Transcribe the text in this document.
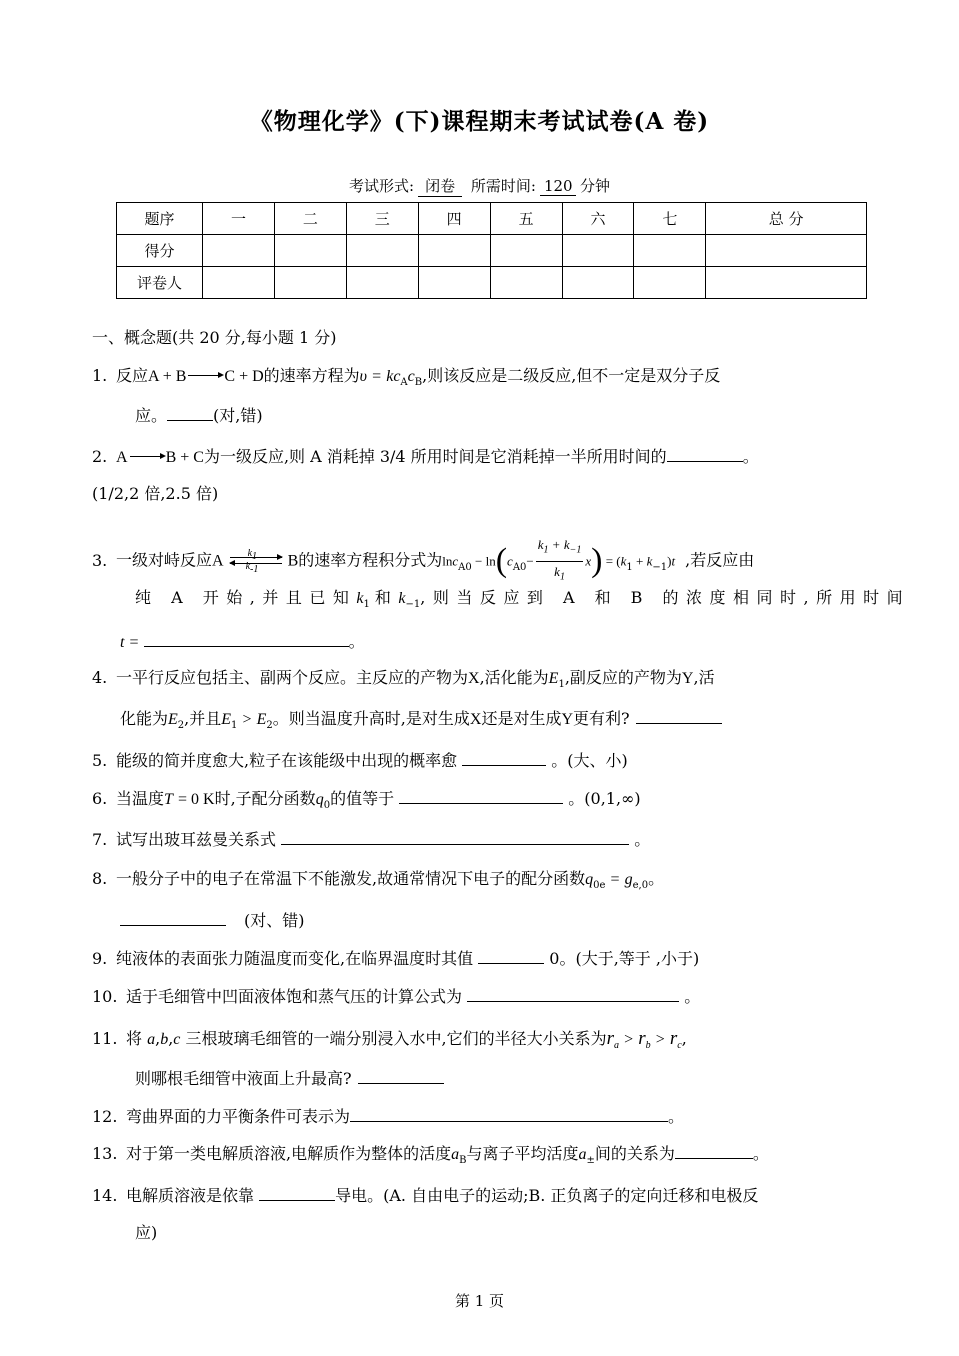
《物理化学》(下)课程期末考试试卷(A 卷)
考试形式: 闭卷 所需时间: 120 分钟
题序	一	二	三	四	五	六	七	总 分
得分								
评卷人								
一、概念题(共 20 分,每小题 1 分)
1. 反应A + B C + D的速率方程为$\upsilon = kc_Ac_B$,则该反应是二级反应,但不一定是双分子反
应。	(对,错)
2. A B + C为一级反应,则 A 消耗掉 3/4 所用时间是它消耗掉一半所用时间的	。
(1/2,2 倍,2.5 倍)
3. 一级对峙反应A $k_1$
$k_{-1}$ B的速率方程积分式为$\ln c_{A0} - \ln(c_{A0}- \frac{k_1 + k_{-1}}{k_1} x) = (k_1 + k_{-1})t$ ,若反应由
纯 A 开始,并且已知$k_1$ 和$k_{-1}$,则当反应到 A 和 B 的浓度相同时,所用时间
t =	。
4. 一平行反应包括主、副两个反应。主反应的产物为X,活化能为$E_1$,副反应的产物为Y,活
化能为$E_2$,并且$E_1 > E_2$。则当温度升高时,是对生成X还是对生成Y更有利?
5. 能级的简并度愈大,粒子在该能级中出现的概率愈	。(大、小)
6. 当温度T = 0 K时,子配分函数$q_0$的值等于	。(0,1,∞)
7. 试写出玻耳兹曼关系式	。
8. 一般分子中的电子在常温下不能激发,故通常情况下电子的配分函数$q_{0e} = g_{e,0}$。
(对、错)
9. 纯液体的表面张力随温度而变化,在临界温度时其值	0。(大于,等于 ,小于)
10. 适于毛细管中凹面液体饱和蒸气压的计算公式为	。
11. 将 a,b,c 三根玻璃毛细管的一端分别浸入水中,它们的半径大小关系为$r_a > r_b > r_c$,
则哪根毛细管中液面上升最高?
12. 弯曲界面的力平衡条件可表示为	。
13. 对于第一类电解质溶液,电解质作为整体的活度$a_B$与离子平均活度$a_\pm$间的关系为	。
14. 电解质溶液是依靠	导电。(A. 自由电子的运动;B. 正负离子的定向迁移和电极反
应)
第 1 页
